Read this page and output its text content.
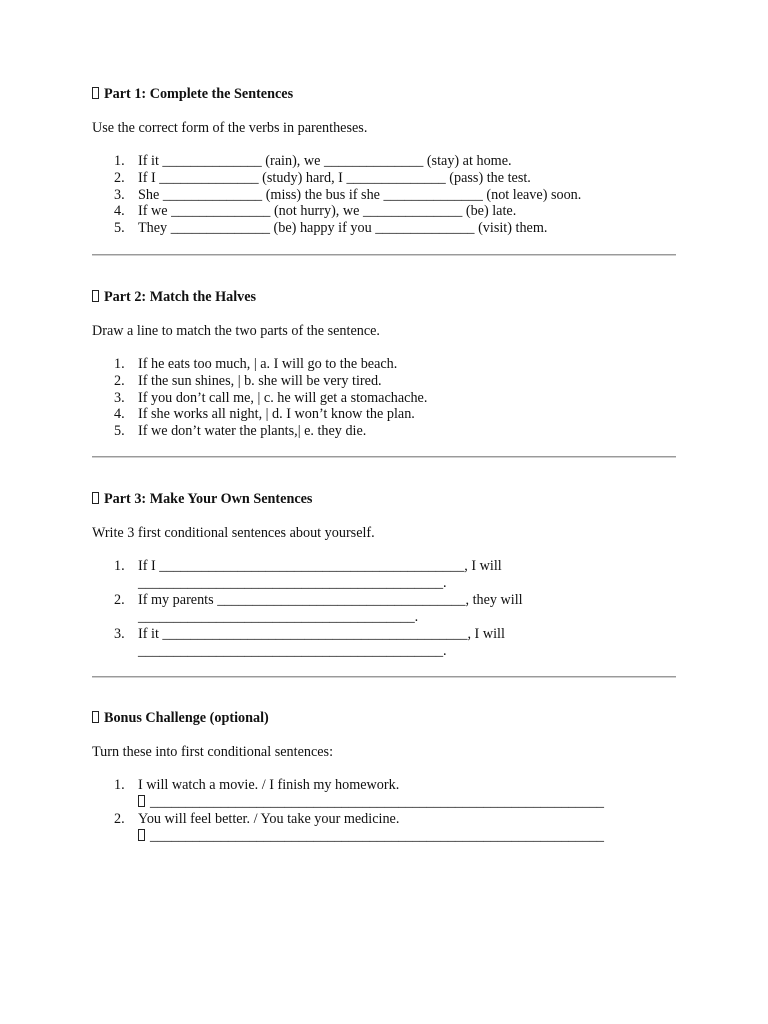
Part 1: Complete the Sentences
Use the correct form of the verbs in parentheses.
1. If it ______________ (rain), we ______________ (stay) at home.
2. If I ______________ (study) hard, I ______________ (pass) the test.
3. She ______________ (miss) the bus if she ______________ (not leave) soon.
4. If we ______________ (not hurry), we ______________ (be) late.
5. They ______________ (be) happy if you ______________ (visit) them.
Part 2: Match the Halves
Draw a line to match the two parts of the sentence.
1. If he eats too much, | a. I will go to the beach.
2. If the sun shines, | b. she will be very tired.
3. If you don’t call me, | c. he will get a stomachache.
4. If she works all night, | d. I won’t know the plan.
5. If we don’t water the plants,| e. they die.
Part 3: Make Your Own Sentences
Write 3 first conditional sentences about yourself.
1. If I ___________________________________________, I will
___________________________________________.
2. If my parents ___________________________________, they will
_______________________________________.
3. If it ___________________________________________, I will
___________________________________________.
Bonus Challenge (optional)
Turn these into first conditional sentences:
1. I will watch a movie. / I finish my homework.
________________________________________________________________
2. You will feel better. / You take your medicine.
________________________________________________________________
